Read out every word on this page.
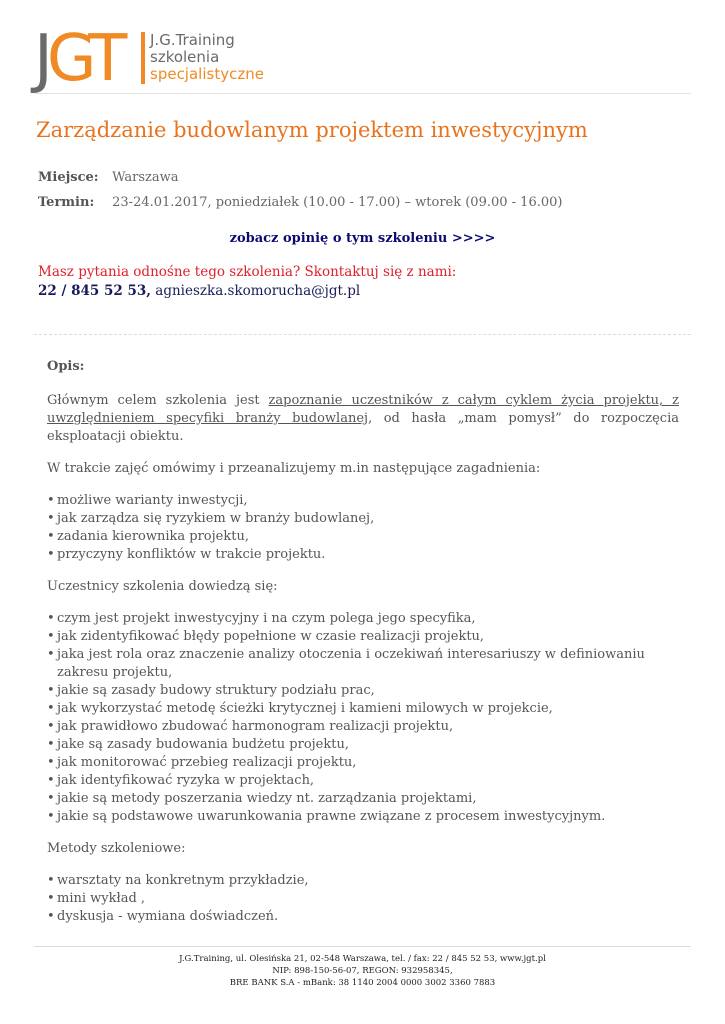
JGT J.G.Training
szkolenia
specjalistyczne
Zarządzanie budowlanym projektem inwestycyjnym
Miejsce: Warszawa
Termin: 23-24.01.2017, poniedziałek (10.00 - 17.00) – wtorek (09.00 - 16.00)
zobacz opinię o tym szkoleniu >>>>
Masz pytania odnośne tego szkolenia? Skontaktuj się z nami:
22 / 845 52 53, agnieszka.skomorucha@jgt.pl

Opis:

Głównym celem szkolenia jest zapoznanie uczestników z całym cyklem życia projektu, z uwzględnieniem specyfiki branży budowlanej, od hasła „mam pomysł” do rozpoczęcia eksploatacji obiektu.

W trakcie zajęć omówimy i przeanalizujemy m.in następujące zagadnienia:

• możliwe warianty inwestycji,
• jak zarządza się ryzykiem w branży budowlanej,
• zadania kierownika projektu,
• przyczyny konfliktów w trakcie projektu.

Uczestnicy szkolenia dowiedzą się:

• czym jest projekt inwestycyjny i na czym polega jego specyfika,
• jak zidentyfikować błędy popełnione w czasie realizacji projektu,
• jaka jest rola oraz znaczenie analizy otoczenia i oczekiwań interesariuszy w definiowaniu zakresu projektu,
• jakie są zasady budowy struktury podziału prac,
• jak wykorzystać metodę ścieżki krytycznej i kamieni milowych w projekcie,
• jak prawidłowo zbudować harmonogram realizacji projektu,
• jake są zasady budowania budżetu projektu,
• jak monitorować przebieg realizacji projektu,
• jak identyfikować ryzyka w projektach,
• jakie są metody poszerzania wiedzy nt. zarządzania projektami,
• jakie są podstawowe uwarunkowania prawne związane z procesem inwestycyjnym.

Metody szkoleniowe:

• warsztaty na konkretnym przykładzie,
• mini wykład ,
• dyskusja - wymiana doświadczeń.
J.G.Training, ul. Olesińska 21, 02-548 Warszawa, tel. / fax: 22 / 845 52 53, www.jgt.pl
NIP: 898-150-56-07, REGON: 932958345,
BRE BANK S.A - mBank: 38 1140 2004 0000 3002 3360 7883
